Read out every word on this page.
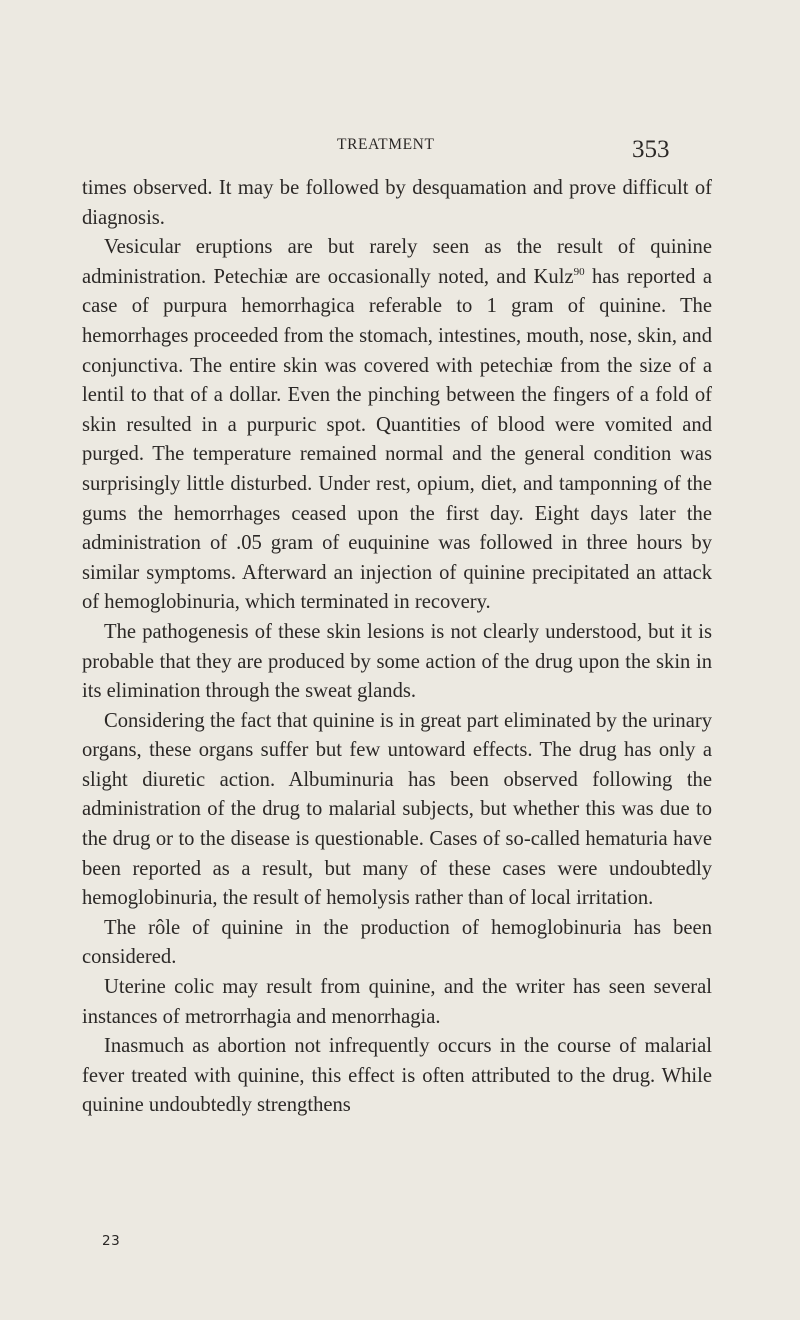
TREATMENT	353

times observed. It may be followed by desquamation and prove difficult of diagnosis.

Vesicular eruptions are but rarely seen as the result of quinine administration. Petechiæ are occasionally noted, and Kulz$^{90}$ has reported a case of purpura hemorrhagica referable to 1 gram of quinine. The hemorrhages proceeded from the stomach, intestines, mouth, nose, skin, and conjunctiva. The entire skin was covered with petechiæ from the size of a lentil to that of a dollar. Even the pinching between the fingers of a fold of skin resulted in a purpuric spot. Quantities of blood were vomited and purged. The temperature remained normal and the general condition was surprisingly little disturbed. Under rest, opium, diet, and tamponning of the gums the hemorrhages ceased upon the first day. Eight days later the administration of .05 gram of euquinine was followed in three hours by similar symptoms. Afterward an injection of quinine precipitated an attack of hemoglobinuria, which terminated in recovery.

The pathogenesis of these skin lesions is not clearly understood, but it is probable that they are produced by some action of the drug upon the skin in its elimination through the sweat glands.

Considering the fact that quinine is in great part eliminated by the urinary organs, these organs suffer but few untoward effects. The drug has only a slight diuretic action. Albuminuria has been observed following the administration of the drug to malarial subjects, but whether this was due to the drug or to the disease is questionable. Cases of so-called hematuria have been reported as a result, but many of these cases were undoubtedly hemoglobinuria, the result of hemolysis rather than of local irritation.

The rôle of quinine in the production of hemoglobinuria has been considered.

Uterine colic may result from quinine, and the writer has seen several instances of metrorrhagia and menorrhagia.

Inasmuch as abortion not infrequently occurs in the course of malarial fever treated with quinine, this effect is often attributed to the drug. While quinine undoubtedly strengthens

23
